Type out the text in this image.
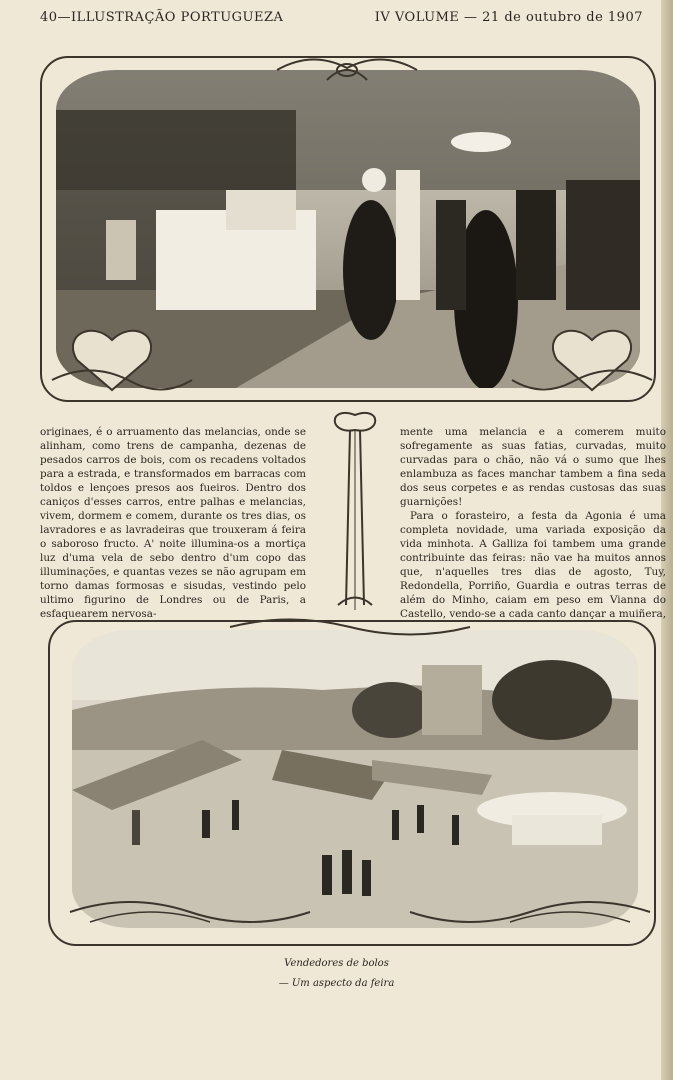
40—ILLUSTRAÇÃO PORTUGUEZA	IV VOLUME — 21 de outubro de 1907

originaes, é o arruamento das melancias, onde se alinham, como trens de campanha, dezenas de pesados carros de bois, com os recadens voltados para a estrada, e transformados em barracas com toldos e lençoes presos aos fueiros. Dentro dos caniços d'esses carros, entre palhas e melancias, vivem, dormem e comem, durante os tres dias, os lavradores e as lavradeiras que trouxeram á feira o saboroso fructo. A' noite illumina-os a mortiça luz d'uma vela de sebo dentro d'um copo das illuminações, e quantas vezes se não agrupam em torno damas formosas e sisudas, vestindo pelo ultimo figurino de Londres ou de Paris, a esfaquearem nervosa-

mente uma melancia e a comerem muito sofregamente as suas fatias, curvadas, muito curvadas para o chão, não vá o sumo que lhes enlambuza as faces manchar tambem a fina seda dos seus corpetes e as rendas custosas das suas guarnições!

Para o forasteiro, a festa da Agonia é uma completa novidade, uma variada exposição da vida minhota. A Galliza foi tambem uma grande contribuinte das feiras: não vae ha muitos annos que, n'aquelles tres dias de agosto, Tuy, Redondella, Porriño, Guardia e outras terras de além do Minho, caiam em peso em Vianna do Castello, vendo-se a cada canto dançar a muiñera,

Vendedores de bolos
— Um aspecto da feira
